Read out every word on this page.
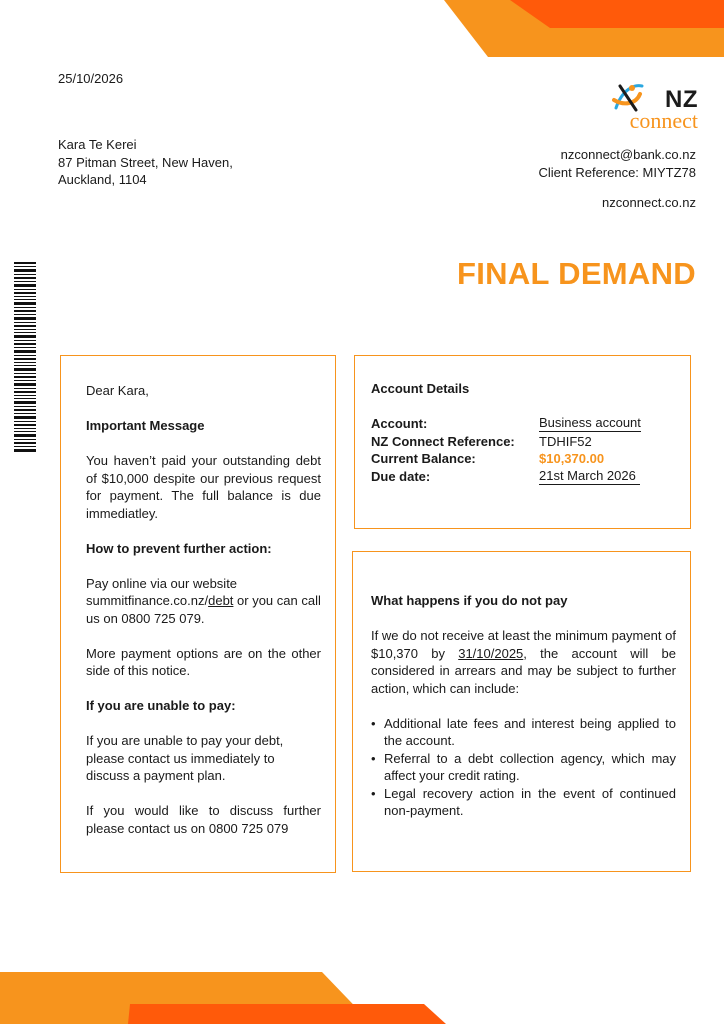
25/10/2026
Kara Te Kerei
87 Pitman Street, New Haven,
Auckland, 1104
NZ
connect
nzconnect@bank.co.nz
Client Reference: MIYTZ78
nzconnect.co.nz
FINAL DEMAND
Dear Kara,
Important Message
You haven’t paid your outstanding debt of $10,000 despite our previous request for payment. The full balance is due immediatley.
How to prevent further action:
Pay online via our website summitfinance.co.nz/debt or you can call us on 0800 725 079.
More payment options are on the other side of this notice.
If you are unable to pay:
If you are unable to pay your debt, please contact us immediately to discuss a payment plan.
If you would like to discuss further please contact us on 0800 725 079
Account Details
Account:	Business account
NZ Connect Reference:	TDHIF52
Current Balance:	$10,370.00
Due date:	21st March 2026
What happens if you do not pay
If we do not receive at least the minimum payment of $10,370 by 31/10/2025, the account will be considered in arrears and may be subject to further action, which can include:
• Additional late fees and interest being applied to the account.
• Referral to a debt collection agency, which may affect your credit rating.
• Legal recovery action in the event of continued non-payment.
